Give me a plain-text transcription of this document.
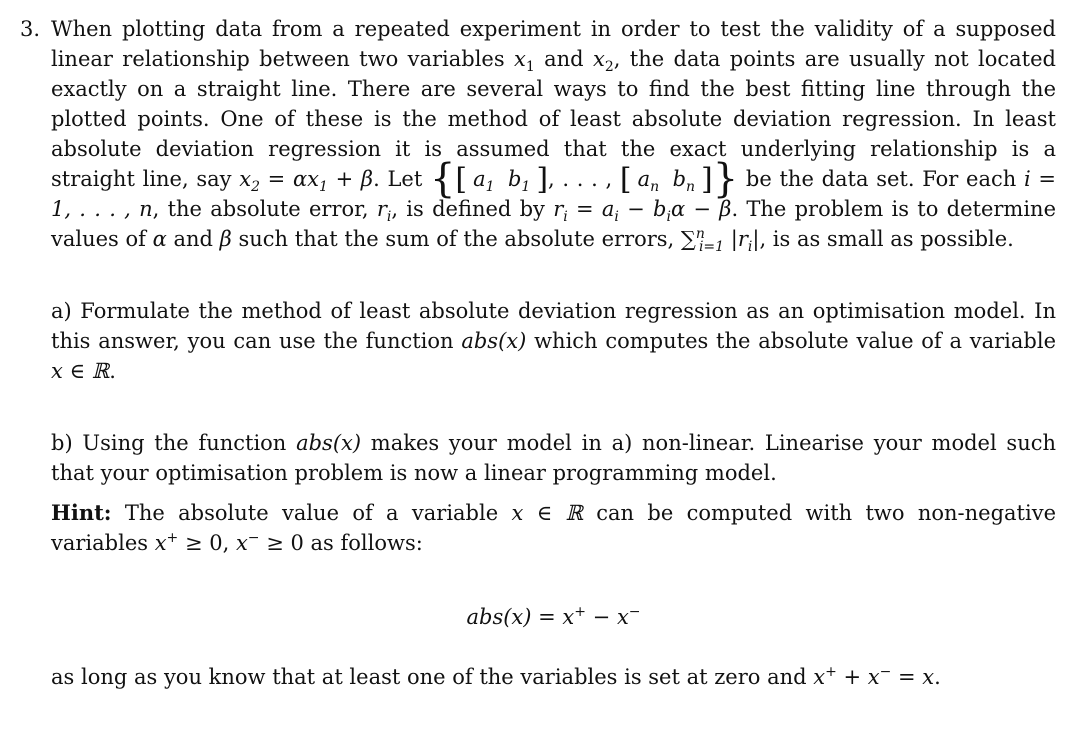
3. When plotting data from a repeated experiment in order to test the validity of a supposed linear relationship between two variables $x_1$ and $x_2$, the data points are usually not located exactly on a straight line. There are several ways to find the best fitting line through the plotted points. One of these is the method of least absolute deviation regression. In least absolute deviation regression it is assumed that the exact underlying relationship is a straight line, say $x_2 = \alpha x_1 + \beta$. Let {[ $a_1$ $b_1$ ], . . . , [ $a_n$ $b_n$ ]} be the data set. For each i = 1, . . . , n, the absolute error, $r_i$, is defined by $r_i = a_i - b_i\alpha - \beta$. The problem is to determine values of α and β such that the sum of the absolute errors, ∑$^n_{i=1}$ $|r_i|$, is as small as possible.

a) Formulate the method of least absolute deviation regression as an optimisation model. In this answer, you can use the function abs(x) which computes the absolute value of a variable x ∈ ℝ.

b) Using the function abs(x) makes your model in a) non-linear. Linearise your model such that your optimisation problem is now a linear programming model.

Hint: The absolute value of a variable x ∈ ℝ can be computed with two non-negative variables x+ ≥ 0, x− ≥ 0 as follows:

abs(x) = x+ − x−

as long as you know that at least one of the variables is set at zero and x+ + x− = x.
